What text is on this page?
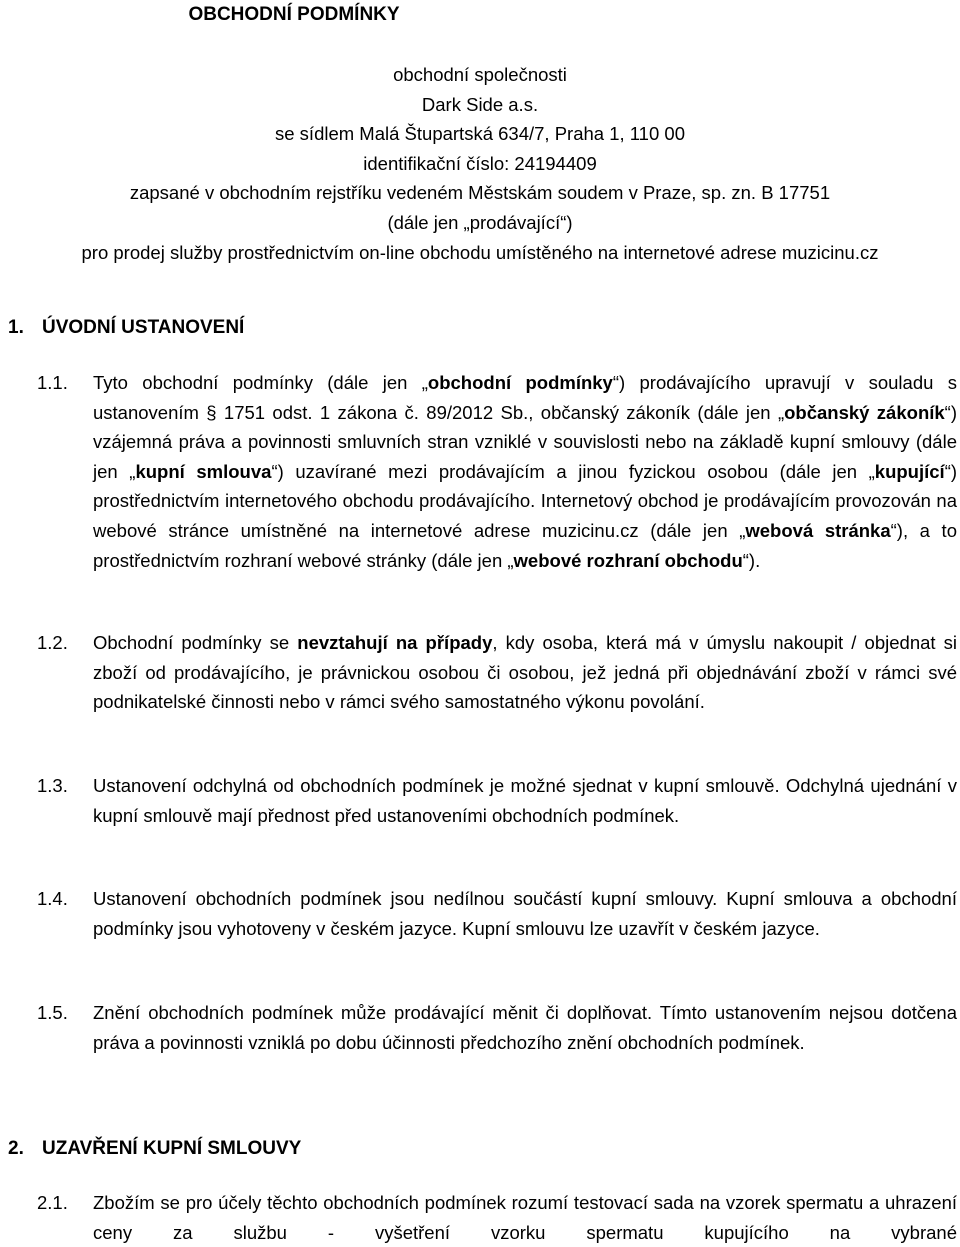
OBCHODNÍ PODMÍNKY
obchodní společnosti
Dark Side a.s.
se sídlem Malá Štupartská 634/7, Praha 1, 110 00
identifikační číslo: 24194409
zapsané v obchodním rejstříku vedeném Městskám soudem v Praze, sp. zn. B 17751
(dále jen „prodávající“)
pro prodej služby prostřednictvím on-line obchodu umístěného na internetové adrese muzicinu.cz
1. ÚVODNÍ USTANOVENÍ
1.1. Tyto obchodní podmínky (dále jen „obchodní podmínky“) prodávajícího upravují v souladu s ustanovením § 1751 odst. 1 zákona č. 89/2012 Sb., občanský zákoník (dále jen „občanský zákoník“) vzájemná práva a povinnosti smluvních stran vzniklé v souvislosti nebo na základě kupní smlouvy (dále jen „kupní smlouva“) uzavírané mezi prodávajícím a jinou fyzickou osobou (dále jen „kupující“) prostřednictvím internetového obchodu prodávajícího. Internetový obchod je prodávajícím provozován na webové stránce umístněné na internetové adrese muzicinu.cz (dále jen „webová stránka“), a to prostřednictvím rozhraní webové stránky (dále jen „webové rozhraní obchodu“).
1.2. Obchodní podmínky se nevztahují na případy, kdy osoba, která má v úmyslu nakoupit / objednat si zboží od prodávajícího, je právnickou osobou či osobou, jež jedná při objednávání zboží v rámci své podnikatelské činnosti nebo v rámci svého samostatného výkonu povolání.
1.3. Ustanovení odchylná od obchodních podmínek je možné sjednat v kupní smlouvě. Odchylná ujednání v kupní smlouvě mají přednost před ustanoveními obchodních podmínek.
1.4. Ustanovení obchodních podmínek jsou nedílnou součástí kupní smlouvy. Kupní smlouva a obchodní podmínky jsou vyhotoveny v českém jazyce. Kupní smlouvu lze uzavřít v českém jazyce.
1.5. Znění obchodních podmínek může prodávající měnit či doplňovat. Tímto ustanovením nejsou dotčena práva a povinnosti vzniklá po dobu účinnosti předchozího znění obchodních podmínek.
2. UZAVŘENÍ KUPNÍ SMLOUVY
2.1. Zbožím se pro účely těchto obchodních podmínek rozumí testovací sada na vzorek spermatu a uhrazení ceny za službu - vyšetření vzorku spermatu kupujícího na vybrané
